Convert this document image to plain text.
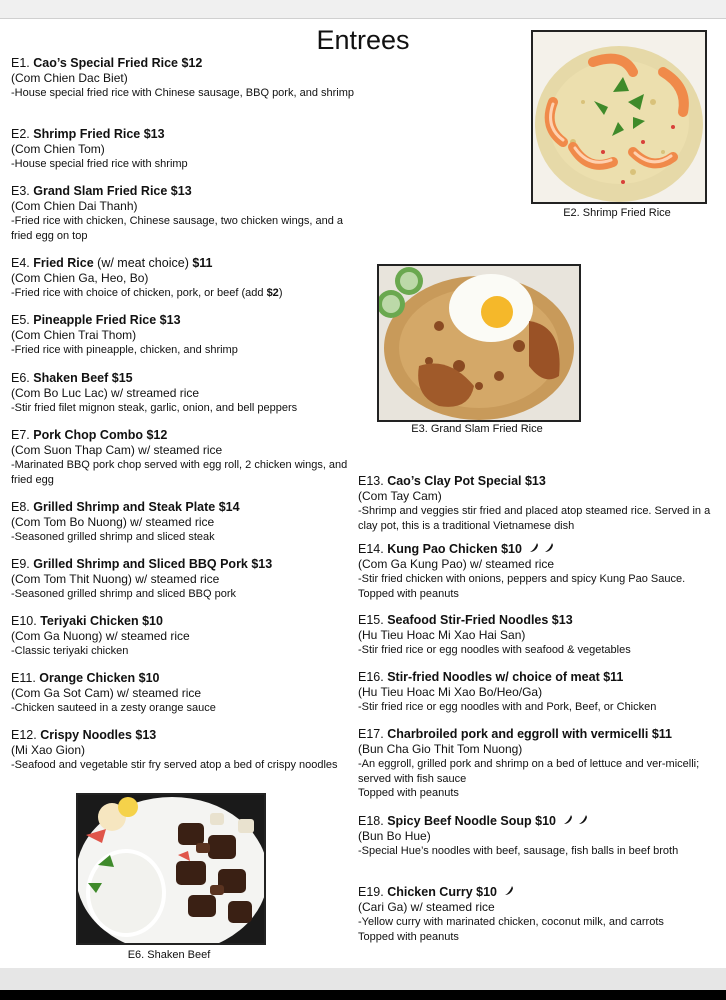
Entrees
E1. Cao’s Special Fried Rice $12
(Com Chien Dac Biet)
-House special fried rice with Chinese sausage, BBQ pork, and shrimp
E2. Shrimp Fried Rice $13
(Com Chien Tom)
-House special fried rice with shrimp
E3. Grand Slam Fried Rice $13
(Com Chien Dai Thanh)
-Fried rice with chicken, Chinese sausage, two chicken wings, and a fried egg on top
E4. Fried Rice (w/ meat choice) $11
(Com Chien Ga, Heo, Bo)
-Fried rice with choice of chicken, pork, or beef (add $2)
E5. Pineapple Fried Rice $13
(Com Chien Trai Thom)
-Fried rice with pineapple, chicken, and shrimp
E6. Shaken Beef $15
(Com Bo Luc Lac) w/ streamed rice
-Stir fried filet mignon steak, garlic, onion, and bell peppers
E7. Pork Chop Combo $12
(Com Suon Thap Cam) w/ steamed rice
-Marinated BBQ pork chop served with egg roll, 2 chicken wings, and fried egg
E8. Grilled Shrimp and Steak Plate $14
(Com Tom Bo Nuong) w/ steamed rice
-Seasoned grilled shrimp and sliced steak
E9. Grilled Shrimp and Sliced BBQ Pork $13
(Com Tom Thit Nuong) w/ steamed rice
-Seasoned grilled shrimp and sliced BBQ pork
E10. Teriyaki Chicken $10
(Com Ga Nuong) w/ steamed rice
-Classic teriyaki chicken
E11. Orange Chicken $10
(Com Ga Sot Cam) w/ steamed rice
-Chicken sauteed in a zesty orange sauce
E12. Crispy Noodles $13
(Mi Xao Gion)
-Seafood and vegetable stir fry served atop a bed of crispy noodles
E13. Cao’s Clay Pot Special $13
(Com Tay Cam)
-Shrimp and veggies stir fried and placed atop steamed rice. Served in a clay pot, this is a traditional Vietnamese dish
E14. Kung Pao Chicken $10
(Com Ga Kung Pao) w/ steamed rice
-Stir fried chicken with onions, peppers and spicy Kung Pao Sauce. Topped with peanuts
E15. Seafood Stir-Fried Noodles $13
(Hu Tieu Hoac Mi Xao Hai San)
-Stir fried rice or egg noodles with seafood & vegetables
E16. Stir-fried Noodles w/ choice of meat $11
(Hu Tieu Hoac Mi Xao Bo/Heo/Ga)
-Stir fried rice or egg noodles with and Pork, Beef, or Chicken
E17. Charbroiled pork and eggroll with vermicelli $11
(Bun Cha Gio Thit Tom Nuong)
-An eggroll, grilled pork and shrimp on a bed of lettuce and ver-micelli; served with fish sauce
Topped with peanuts
E18. Spicy Beef Noodle Soup $10
(Bun Bo Hue)
-Special Hue’s noodles with beef, sausage, fish balls in beef broth
E19. Chicken Curry $10
(Cari Ga) w/ steamed rice
-Yellow curry with marinated chicken, coconut milk, and carrots
Topped with peanuts
E2. Shrimp Fried Rice
E3. Grand Slam Fried Rice
E6. Shaken Beef
